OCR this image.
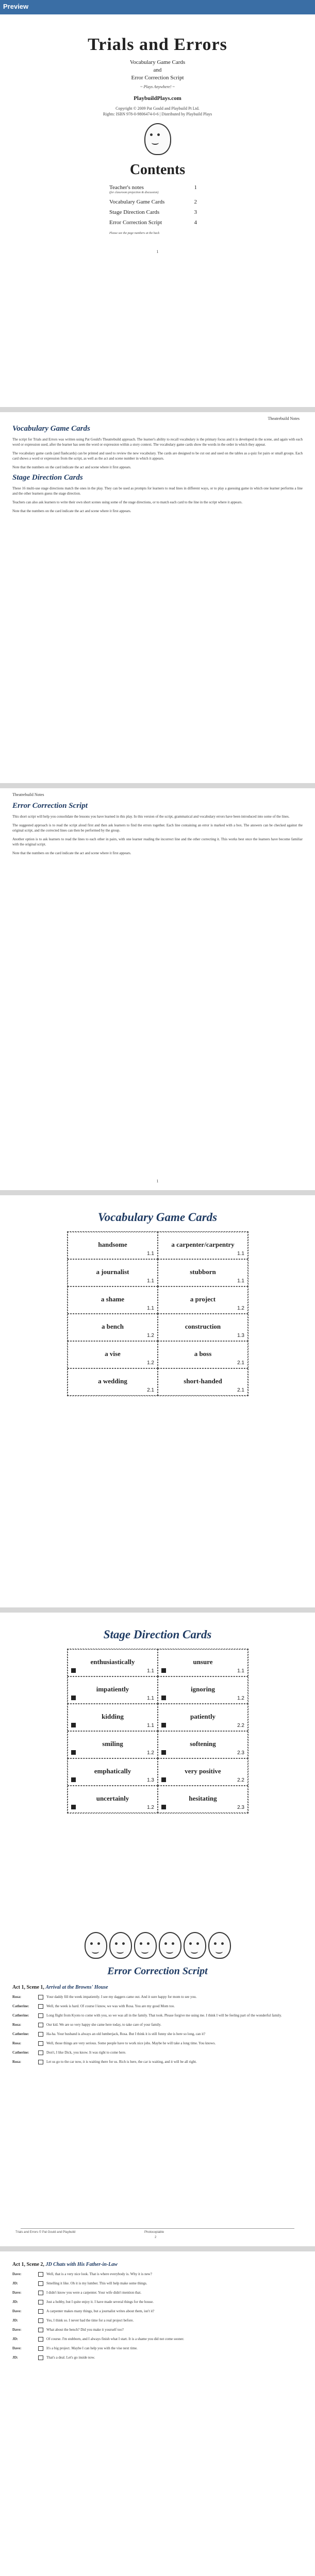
Preview
Trials and Errors
Vocabulary Game Cards
and
Error Correction Script
~ Plays Anywhere! ~
PlaybuildPlays.com
Copyright © 2009 Pat Gould and Playbuild Pt Ltd.
Rights: ISBN 978-0-9806474-0-6 | Distributed by Playbuild Plays
Contents
Teacher's notes	1
(for classroom projection & discussion)
Vocabulary Game Cards	2
Stage Direction Cards	3
Error Correction Script	4
Please see the page numbers at the back
1
Theatrebuild Notes
Vocabulary Game Cards

The script for Trials and Errors was written using Pat Gould's Theatrebuild approach. The learner's ability to recall vocabulary is the primary focus and it is developed in the scene, and again with each word or expression used, after the learner has seen the word or expression within a story context. The vocabulary game cards show the words in the order in which they appear.

The vocabulary game cards (and flashcards) can be printed and used to review the new vocabulary. The cards are designed to be cut out and used on the tables as a quiz for pairs or small groups. Each card shows a word or expression from the script, as well as the act and scene number in which it appears.

Note that the numbers on the card indicate the act and scene where it first appears.

Stage Direction Cards

These 16 multi-use stage directions match the ones in the play. They can be used as prompts for learners to read lines in different ways, or to play a guessing game in which one learner performs a line and the other learners guess the stage direction.

Teachers can also ask learners to write their own short scenes using some of the stage directions, or to match each card to the line in the script where it appears.

Note that the numbers on the card indicate the act and scene where it first appears.

Theatrebuild Notes
Error Correction Script

This short script will help you consolidate the lessons you have learned in this play. In this version of the script, grammatical and vocabulary errors have been introduced into some of the lines.

The suggested approach is to read the script aloud first and then ask learners to find the errors together. Each line containing an error is marked with a box. The answers can be checked against the original script, and the corrected lines can then be performed by the group.

Another option is to ask learners to read the lines to each other in pairs, with one learner reading the incorrect line and the other correcting it. This works best once the learners have become familiar with the original script.

Note that the numbers on the card indicate the act and scene where it first appears.

1
Vocabulary Game Cards
handsome
1.1
a carpenter/carpentry
1.1
a journalist
1.1
stubborn
1.1
a shame
1.1
a project
1.2
a bench
1.2
construction
1.3
a vise
1.2
a boss
2.1
a wedding
2.1
short-handed
2.1
Stage Direction Cards
enthusiastically
1.1
unsure
1.1
impatiently
1.1
ignoring
1.2
kidding
1.1
patiently
2.2
smiling
1.2
softening
2.3
emphatically
1.3
very positive
2.2
uncertainly
1.2
hesitating
2.3

Error Correction Script
Act 1, Scene 1, Arrival at the Browns' House
Rosa:	Your daddy fill the week impatiently. I see my daggers came out. And it sure happy for mom to see you.
Catherine:	Well, the week is hard. Of course I know, we was with Rosa. You are my good Mom too.
Catherine:	Long flight from Kyoto to come with you, so we was all in the family. That took. Please forgive me using me. I think I will be feeling part of the wonderful family.
Rosa:	Our kid. We are so very happy she came here today, to take care of your family.
Catherine:	Ha-ha. Your husband is always an old lumberjack, Rosa. But I think it is still funny she is here so long, can it?
Rosa:	Well, those things are very serious. Some people have to work nice jobs. Maybe he will take a long time. You knows.
Catherine:	Don't, I like Dick, you know. It was right to come here.
Rosa:	Let us go to the car now, it is waiting there for us. Rich is here, the car is waiting, and it will be all right.
Trials and Errors © Pat Gould and Playbuild	Photocopiable
2
Act 1, Scene 2, JD Chats with His Father-in-Law
Dave:	Well, that is a very nice look. That is where everybody is. Why it is new?
JD:	Smelling it like. Oh it is my lumber. This will help make some things.
Dave:	I didn't know you were a carpenter. Your wife didn't mention that.
JD:	Just a hobby, but I quite enjoy it. I have made several things for the house.
Dave:	A carpenter makes many things, but a journalist writes about them, isn't it?
JD:	Yes, I think so. I never had the time for a real project before.
Dave:	What about the bench? Did you make it yourself too?
JD:	Of course. I'm stubborn, and I always finish what I start. It is a shame you did not come sooner.
Dave:	It's a big project. Maybe I can help you with the vise next time.
JD:	That's a deal. Let's go inside now.
